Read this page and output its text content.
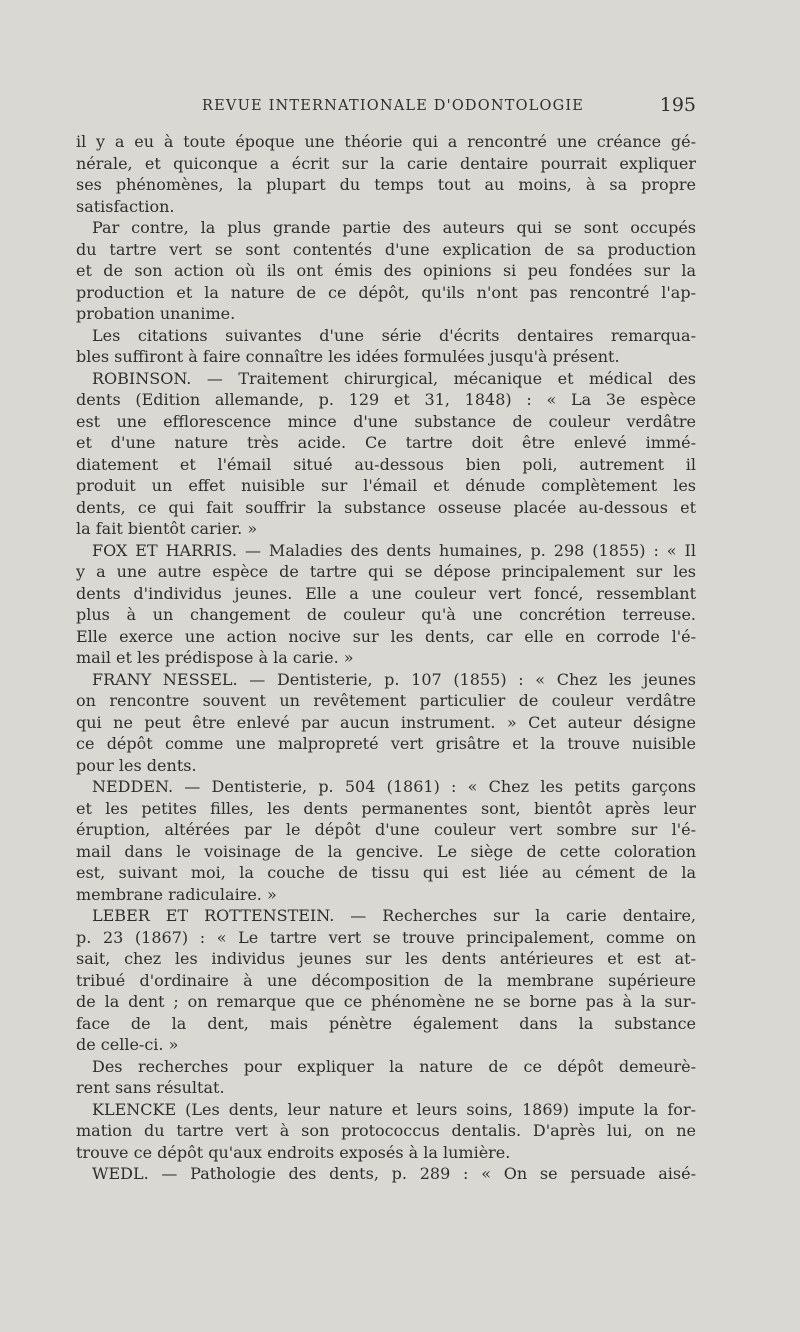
REVUE INTERNATIONALE D'ODONTOLOGIE	195
il y a eu à toute époque une théorie qui a rencontré une créance gé-
nérale, et quiconque a écrit sur la carie dentaire pourrait expliquer
ses phénomènes, la plupart du temps tout au moins, à sa propre
satisfaction.
Par contre, la plus grande partie des auteurs qui se sont occupés
du tartre vert se sont contentés d'une explication de sa production
et de son action où ils ont émis des opinions si peu fondées sur la
production et la nature de ce dépôt, qu'ils n'ont pas rencontré l'ap-
probation unanime.
Les citations suivantes d'une série d'écrits dentaires remarqua-
bles suffiront à faire connaître les idées formulées jusqu'à présent.
ROBINSON. — Traitement chirurgical, mécanique et médical des
dents (Edition allemande, p. 129 et 31, 1848) : « La 3e espèce
est une efflorescence mince d'une substance de couleur verdâtre
et d'une nature très acide. Ce tartre doit être enlevé immé-
diatement et l'émail situé au-dessous bien poli, autrement il
produit un effet nuisible sur l'émail et dénude complètement les
dents, ce qui fait souffrir la substance osseuse placée au-dessous et
la fait bientôt carier. »
FOX ET HARRIS. — Maladies des dents humaines, p. 298 (1855) : « Il
y a une autre espèce de tartre qui se dépose principalement sur les
dents d'individus jeunes. Elle a une couleur vert foncé, ressemblant
plus à un changement de couleur qu'à une concrétion terreuse.
Elle exerce une action nocive sur les dents, car elle en corrode l'é-
mail et les prédispose à la carie. »
FRANY NESSEL. — Dentisterie, p. 107 (1855) : « Chez les jeunes
on rencontre souvent un revêtement particulier de couleur verdâtre
qui ne peut être enlevé par aucun instrument. » Cet auteur désigne
ce dépôt comme une malpropreté vert grisâtre et la trouve nuisible
pour les dents.
NEDDEN. — Dentisterie, p. 504 (1861) : « Chez les petits garçons
et les petites filles, les dents permanentes sont, bientôt après leur
éruption, altérées par le dépôt d'une couleur vert sombre sur l'é-
mail dans le voisinage de la gencive. Le siège de cette coloration
est, suivant moi, la couche de tissu qui est liée au cément de la
membrane radiculaire. »
LEBER ET ROTTENSTEIN. — Recherches sur la carie dentaire,
p. 23 (1867) : « Le tartre vert se trouve principalement, comme on
sait, chez les individus jeunes sur les dents antérieures et est at-
tribué d'ordinaire à une décomposition de la membrane supérieure
de la dent ; on remarque que ce phénomène ne se borne pas à la sur-
face de la dent, mais pénètre également dans la substance
de celle-ci. »
Des recherches pour expliquer la nature de ce dépôt demeurè-
rent sans résultat.
KLENCKE (Les dents, leur nature et leurs soins, 1869) impute la for-
mation du tartre vert à son protococcus dentalis. D'après lui, on ne
trouve ce dépôt qu'aux endroits exposés à la lumière.
WEDL. — Pathologie des dents, p. 289 : « On se persuade aisé-
